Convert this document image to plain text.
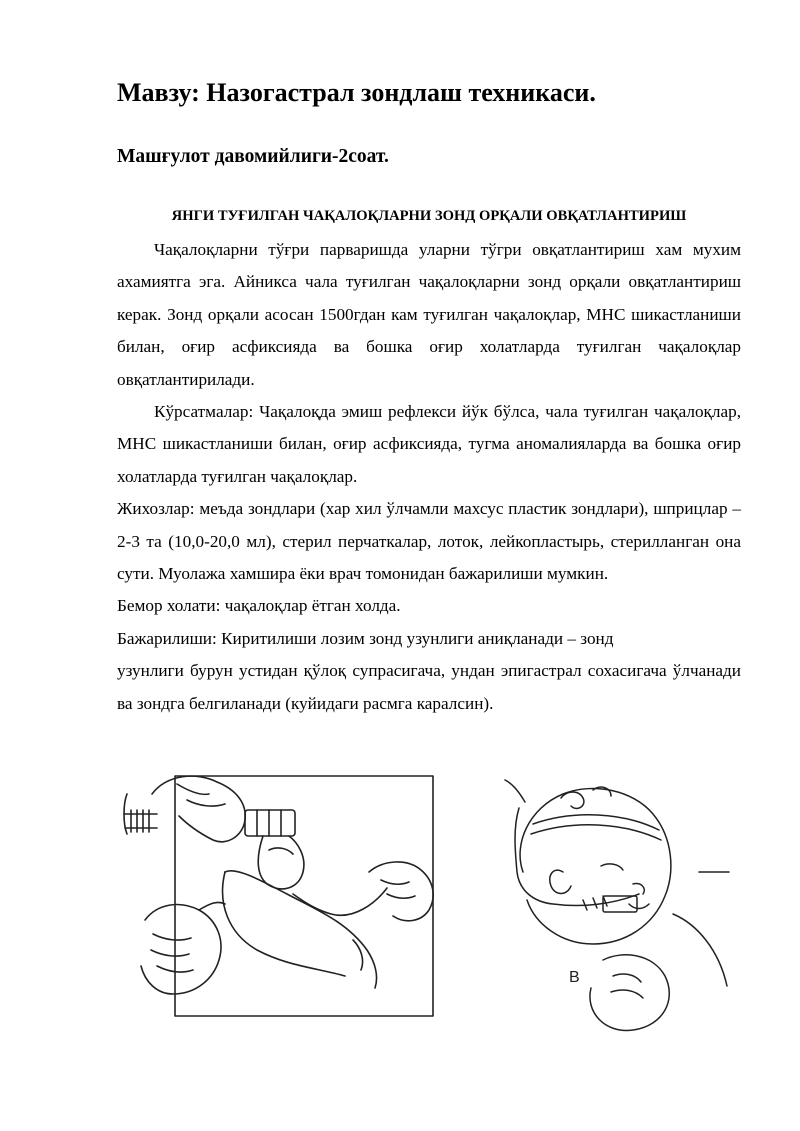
Мавзу: Назогастрал зондлаш техникаси.
Машғулот давомийлиги-2соат.
ЯНГИ ТУҒИЛГАН ЧАҚАЛОҚЛАРНИ ЗОНД ОРҚАЛИ ОВҚАТЛАНТИРИШ

Чақалоқларни тўғри парваришда уларни тўгри овқатлантириш хам мухим ахамиятга эга. Айникса чала туғилган чақалоқларни зонд орқали овқатлантириш керак. Зонд орқали асосан 1500гдан кам туғилган чақалоқлар, МНС шикастланиши билан, оғир асфиксияда ва бошка оғир холатларда туғилган чақалоқлар овқатлантирилади.

Кўрсатмалар: Чақалоқда эмиш рефлекси йўк бўлса, чала туғилган чақалоқлар, МНС шикастланиши билан, оғир асфиксияда, тугма аномалияларда ва бошка оғир холатларда туғилган чақалоқлар.

Жихозлар: меъда зондлари (хар хил ўлчамли махсус пластик зондлари), шприцлар – 2-3 та (10,0-20,0 мл), стерил перчаткалар, лоток, лейкопластырь, стерилланган она сути. Муолажа хамшира ёки врач томонидан бажарилиши мумкин.

Бемор холати: чақалоқлар ётган холда.

Бажарилиши: Киритилиши лозим зонд узунлиги аниқланади – зонд

узунлиги бурун устидан қўлоқ супрасигача, ундан эпигастрал сохасигача ўлчанади ва зондга белгиланади (куйидаги расмга каралсин).

B
